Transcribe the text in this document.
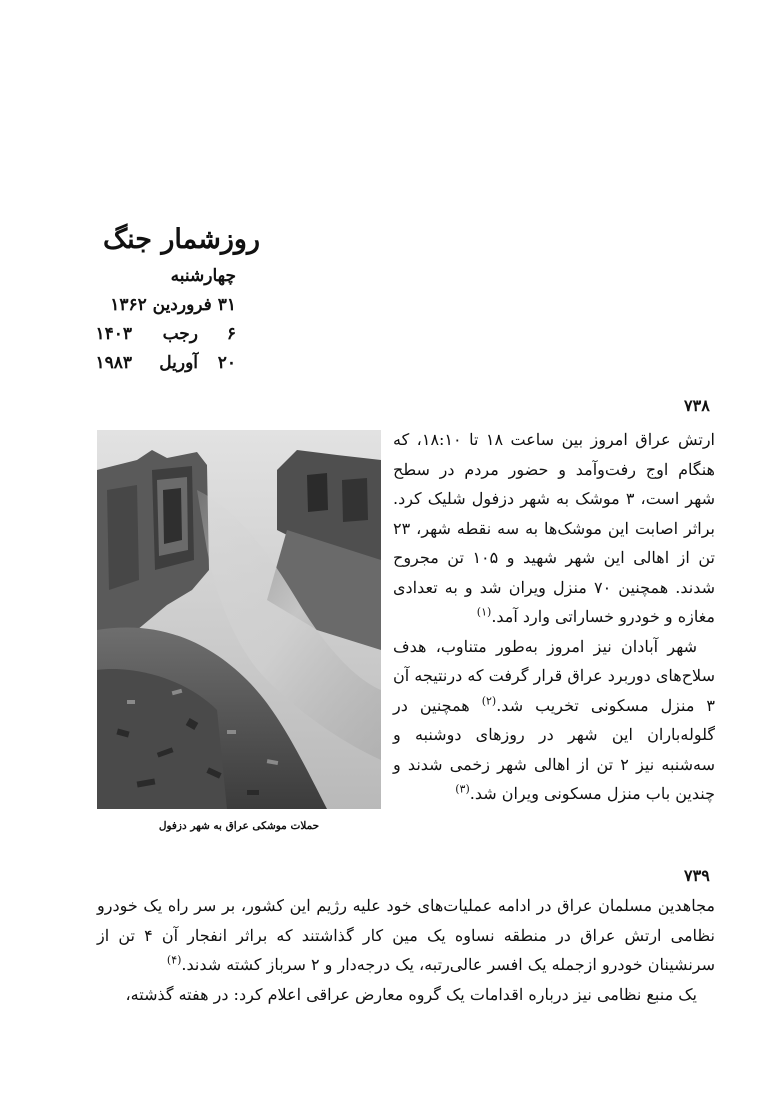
روزشمار جنگ
چهارشنبه
۳۱ فروردین ۱۳۶۲
۶رجب۱۴۰۳
۲۰آوریل۱۹۸۳
۷۳۸

ارتش عراق امروز بین ساعت ۱۸ تا ۱۸:۱۰، که هنگام اوج رفت‌وآمد و حضور مردم در سطح شهر است، ۳ موشک به شهر دزفول شلیک کرد. براثر اصابت این موشک‌ها به سه نقطه شهر، ۲۳ تن از اهالی این شهر شهید و ۱۰۵ تن مجروح شدند. همچنین ۷۰ منزل ویران شد و به تعدادی مغازه و خودرو خساراتی وارد آمد.$^{(۱)}$

شهر آبادان نیز امروز به‌طور متناوب، هدف سلاح‌های دوربرد عراق قرار گرفت که درنتیجه آن ۳ منزل مسکونی تخریب شد.$^{(۲)}$ همچنین در گلوله‌باران این شهر در روزهای دوشنبه و سه‌شنبه نیز ۲ تن از اهالی شهر زخمی شدند و چندین باب منزل مسکونی ویران شد.$^{(۳)}$

حملات موشکی عراق به شهر دزفول
۷۳۹

مجاهدین مسلمان عراق در ادامه عملیات‌های خود علیه رژیم این کشور، بر سر راه یک خودرو نظامی ارتش عراق در منطقه نساوه یک مین کار گذاشتند که براثر انفجار آن ۴ تن از سرنشینان خودرو ازجمله یک افسر عالی‌رتبه، یک درجه‌دار و ۲ سرباز کشته شدند.$^{(۴)}$

یک منبع نظامی نیز درباره اقدامات یک گروه معارض عراقی اعلام کرد: در هفته گذشته،
